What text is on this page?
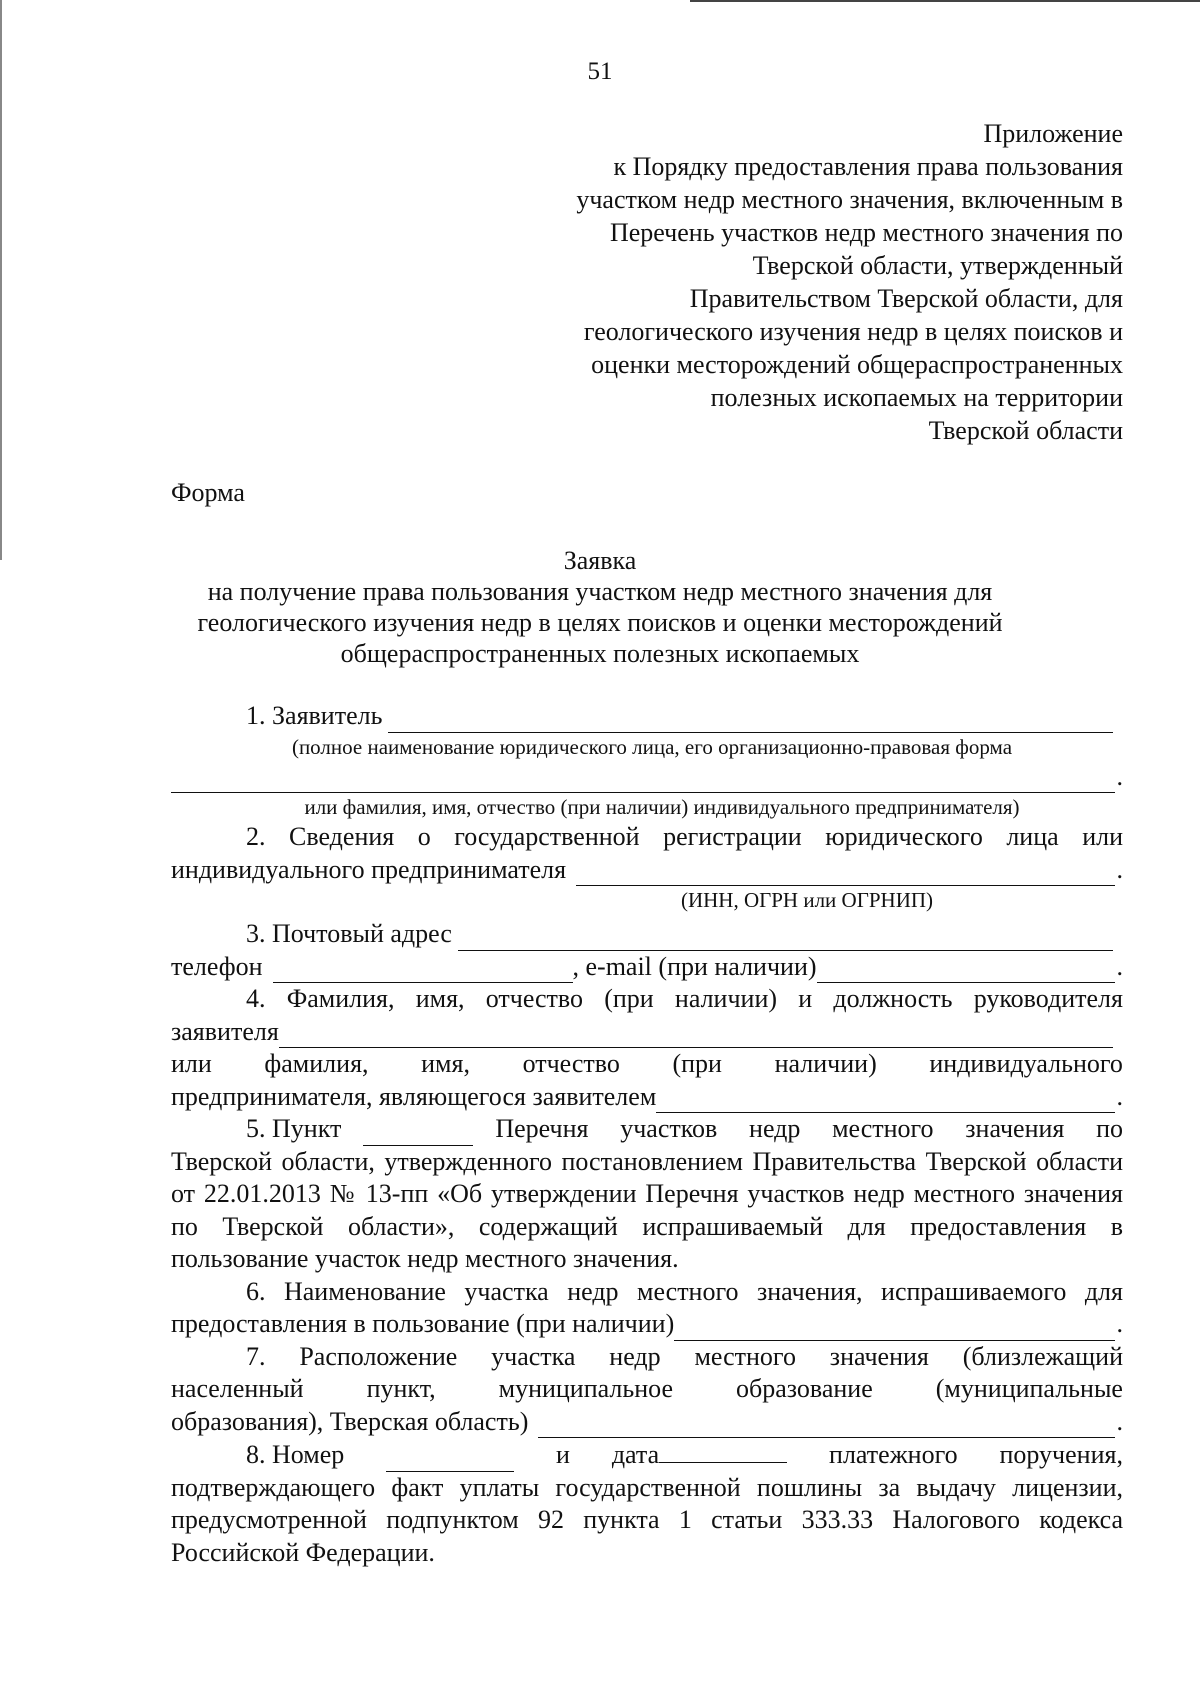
51
Приложение
к Порядку предоставления права пользования
участком недр местного значения, включенным в
Перечень участков недр местного значения по
Тверской области, утвержденный
Правительством Тверской области, для
геологического изучения недр в целях поисков и
оценки месторождений общераспространенных
полезных ископаемых на территории
Тверской области
Форма
Заявка
на получение права пользования участком недр местного значения для
геологического изучения недр в целях поисков и оценки месторождений
общераспространенных полезных ископаемых
1. Заявитель
(полное наименование юридического лица, его организационно-правовая форма
.
или фамилия, имя, отчество (при наличии) индивидуального предпринимателя)
2. Сведения о государственной регистрации юридического лица или
индивидуального предпринимателя	.
(ИНН, ОГРН или ОГРНИП)
3. Почтовый адрес
телефон	, e-mail (при наличии)	.
4. Фамилия, имя, отчество (при наличии) и должность руководителя
заявителя
или фамилия, имя, отчество (при наличии) индивидуального
предпринимателя, являющегося заявителем	.
5. Пункт	Перечня участков недр местного значения по
Тверской области, утвержденного постановлением Правительства Тверской области от 22.01.2013 № 13-пп «Об утверждении Перечня участков недр местного значения по Тверской области», содержащий испрашиваемый для предоставления в пользование участок недр местного значения.
6. Наименование участка недр местного значения, испрашиваемого для
предоставления в пользование (при наличии)	.
7. Расположение участка недр местного значения (близлежащий
населенный пункт, муниципальное образование (муниципальные
образования), Тверская область)	.
8. Номер	и дата	платежного поручения,
подтверждающего факт уплаты государственной пошлины за выдачу лицензии, предусмотренной подпунктом 92 пункта 1 статьи 333.33 Налогового кодекса Российской Федерации.
